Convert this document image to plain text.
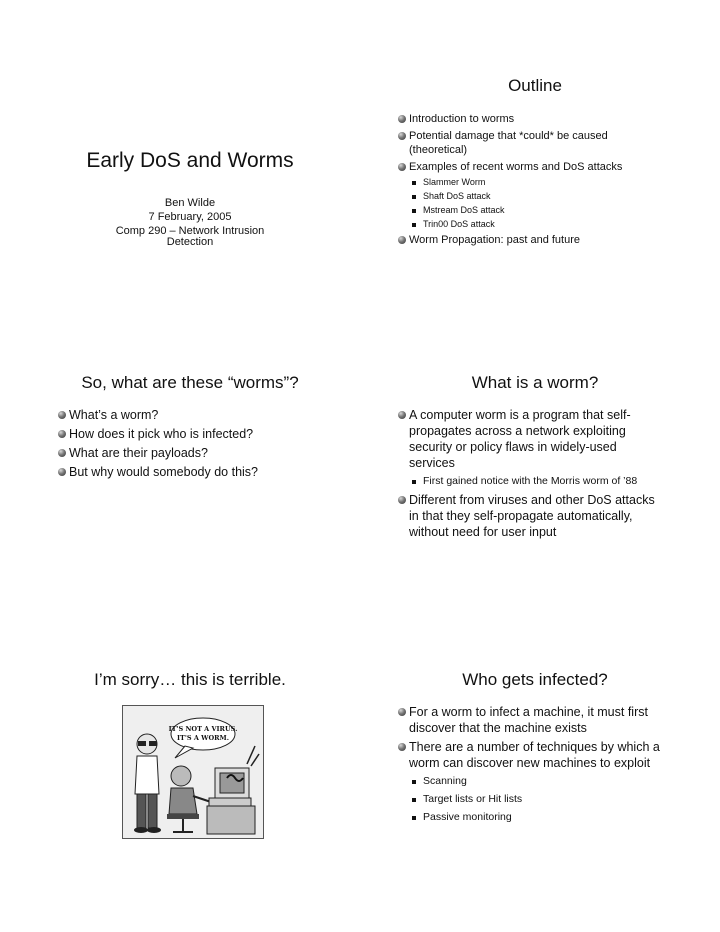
Early DoS and Worms
Ben Wilde
7 February, 2005
Comp 290 – Network Intrusion
Detection
Outline
Introduction to worms
Potential damage that *could* be caused (theoretical)
Examples of recent worms and DoS attacks
Slammer Worm
Shaft DoS attack
Mstream DoS attack
Trin00 DoS attack
Worm Propagation: past and future
So, what are these “worms”?
What’s a worm?
How does it pick who is infected?
What are their payloads?
But why would somebody do this?
What is a worm?
A computer worm is a program that self-propagates across a network exploiting security or policy flaws in widely-used services
First gained notice with the Morris worm of ’88
Different from viruses and other DoS attacks in that they self-propagate automatically, without need for user input
I’m sorry… this is terrible.
IT'S NOT A VIRUS.
IT'S A WORM.
Who gets infected?
For a worm to infect a machine, it must first discover that the machine exists
There are a number of techniques by which a worm can discover new machines to exploit
Scanning
Target lists or Hit lists
Passive monitoring
